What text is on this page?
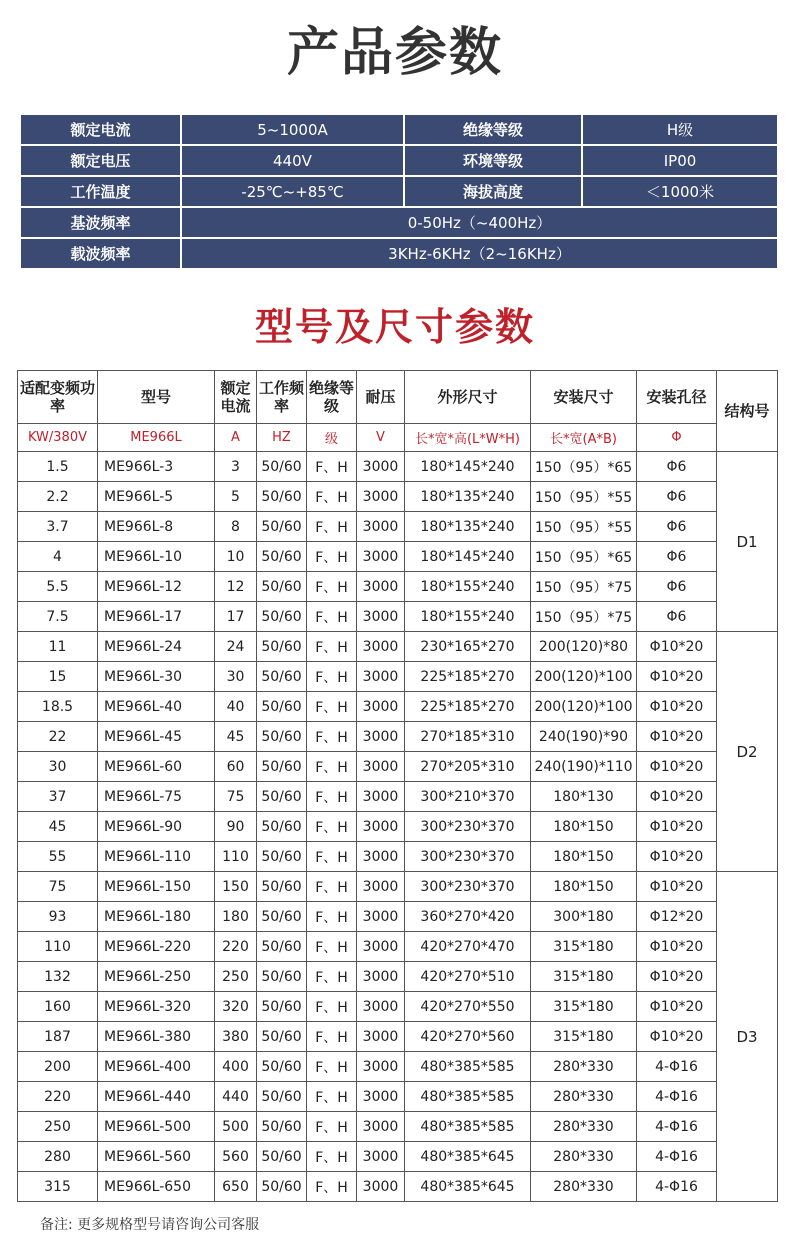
产品参数
额定电流	5~1000A	绝缘等级	H级
额定电压	440V	环境等级	IP00
工作温度	-25℃~+85℃	海拔高度	＜1000米
基波频率	0-50Hz（~400Hz）		
载波频率	3KHz-6KHz（2~16KHz）		
型号及尺寸参数
适配变频功率	型号	额定电流	工作频率	绝缘等级	耐压	外形尺寸	安装尺寸	安装孔径	结构号
KW/380V	ME966L	A	HZ	级	V	长*宽*高(L*W*H)	长*宽(A*B)	Φ	
1.5	ME966L-3	3	50/60	F、H	3000	180*145*240	150（95）*65	Φ6	D1
2.2	ME966L-5	5	50/60	F、H	3000	180*135*240	150（95）*55	Φ6	
3.7	ME966L-8	8	50/60	F、H	3000	180*135*240	150（95）*55	Φ6	
4	ME966L-10	10	50/60	F、H	3000	180*145*240	150（95）*65	Φ6	
5.5	ME966L-12	12	50/60	F、H	3000	180*155*240	150（95）*75	Φ6	
7.5	ME966L-17	17	50/60	F、H	3000	180*155*240	150（95）*75	Φ6	
11	ME966L-24	24	50/60	F、H	3000	230*165*270	200(120)*80	Φ10*20	D2
15	ME966L-30	30	50/60	F、H	3000	225*185*270	200(120)*100	Φ10*20	
18.5	ME966L-40	40	50/60	F、H	3000	225*185*270	200(120)*100	Φ10*20	
22	ME966L-45	45	50/60	F、H	3000	270*185*310	240(190)*90	Φ10*20	
30	ME966L-60	60	50/60	F、H	3000	270*205*310	240(190)*110	Φ10*20	
37	ME966L-75	75	50/60	F、H	3000	300*210*370	180*130	Φ10*20	
45	ME966L-90	90	50/60	F、H	3000	300*230*370	180*150	Φ10*20	
55	ME966L-110	110	50/60	F、H	3000	300*230*370	180*150	Φ10*20	
75	ME966L-150	150	50/60	F、H	3000	300*230*370	180*150	Φ10*20	D3
93	ME966L-180	180	50/60	F、H	3000	360*270*420	300*180	Φ12*20	
110	ME966L-220	220	50/60	F、H	3000	420*270*470	315*180	Φ10*20	
132	ME966L-250	250	50/60	F、H	3000	420*270*510	315*180	Φ10*20	
160	ME966L-320	320	50/60	F、H	3000	420*270*550	315*180	Φ10*20	
187	ME966L-380	380	50/60	F、H	3000	420*270*560	315*180	Φ10*20	
200	ME966L-400	400	50/60	F、H	3000	480*385*585	280*330	4-Φ16	
220	ME966L-440	440	50/60	F、H	3000	480*385*585	280*330	4-Φ16	
250	ME966L-500	500	50/60	F、H	3000	480*385*585	280*330	4-Φ16	
280	ME966L-560	560	50/60	F、H	3000	480*385*645	280*330	4-Φ16	
315	ME966L-650	650	50/60	F、H	3000	480*385*645	280*330	4-Φ16	
备注: 更多规格型号请咨询公司客服
